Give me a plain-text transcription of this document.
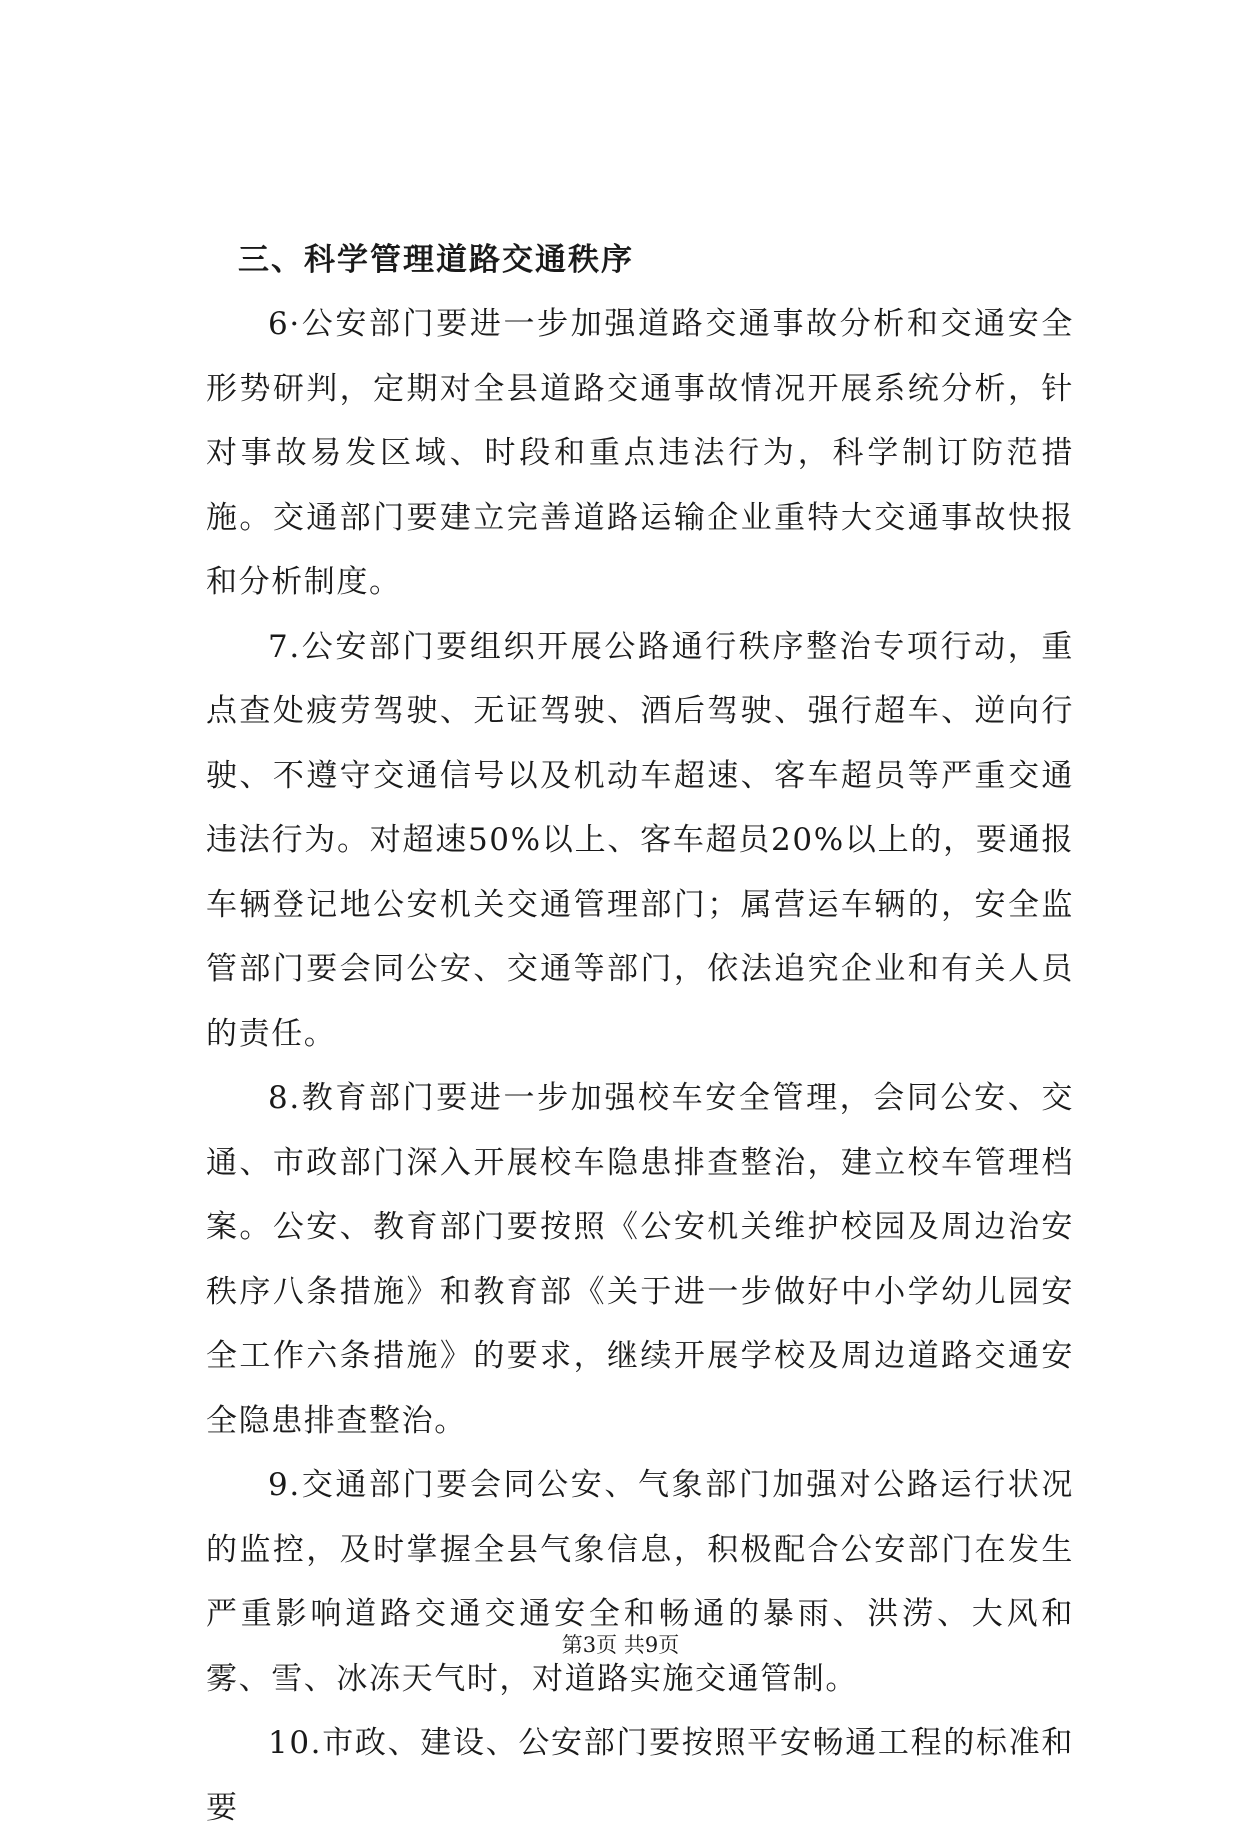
三、科学管理道路交通秩序

6·公安部门要进一步加强道路交通事故分析和交通安全形势研判，定期对全县道路交通事故情况开展系统分析，针对事故易发区域、时段和重点违法行为，科学制订防范措施。交通部门要建立完善道路运输企业重特大交通事故快报和分析制度。

7.公安部门要组织开展公路通行秩序整治专项行动，重点查处疲劳驾驶、无证驾驶、酒后驾驶、强行超车、逆向行驶、不遵守交通信号以及机动车超速、客车超员等严重交通违法行为。对超速50%以上、客车超员20%以上的，要通报车辆登记地公安机关交通管理部门；属营运车辆的，安全监管部门要会同公安、交通等部门，依法追究企业和有关人员的责任。

8.教育部门要进一步加强校车安全管理，会同公安、交通、市政部门深入开展校车隐患排查整治，建立校车管理档案。公安、教育部门要按照《公安机关维护校园及周边治安秩序八条措施》和教育部《关于进一步做好中小学幼儿园安全工作六条措施》的要求，继续开展学校及周边道路交通安全隐患排查整治。

9.交通部门要会同公安、气象部门加强对公路运行状况的监控，及时掌握全县气象信息，积极配合公安部门在发生严重影响道路交通交通安全和畅通的暴雨、洪涝、大风和雾、雪、冰冻天气时，对道路实施交通管制。

10.市政、建设、公安部门要按照平安畅通工程的标准和要

第3页 共9页
